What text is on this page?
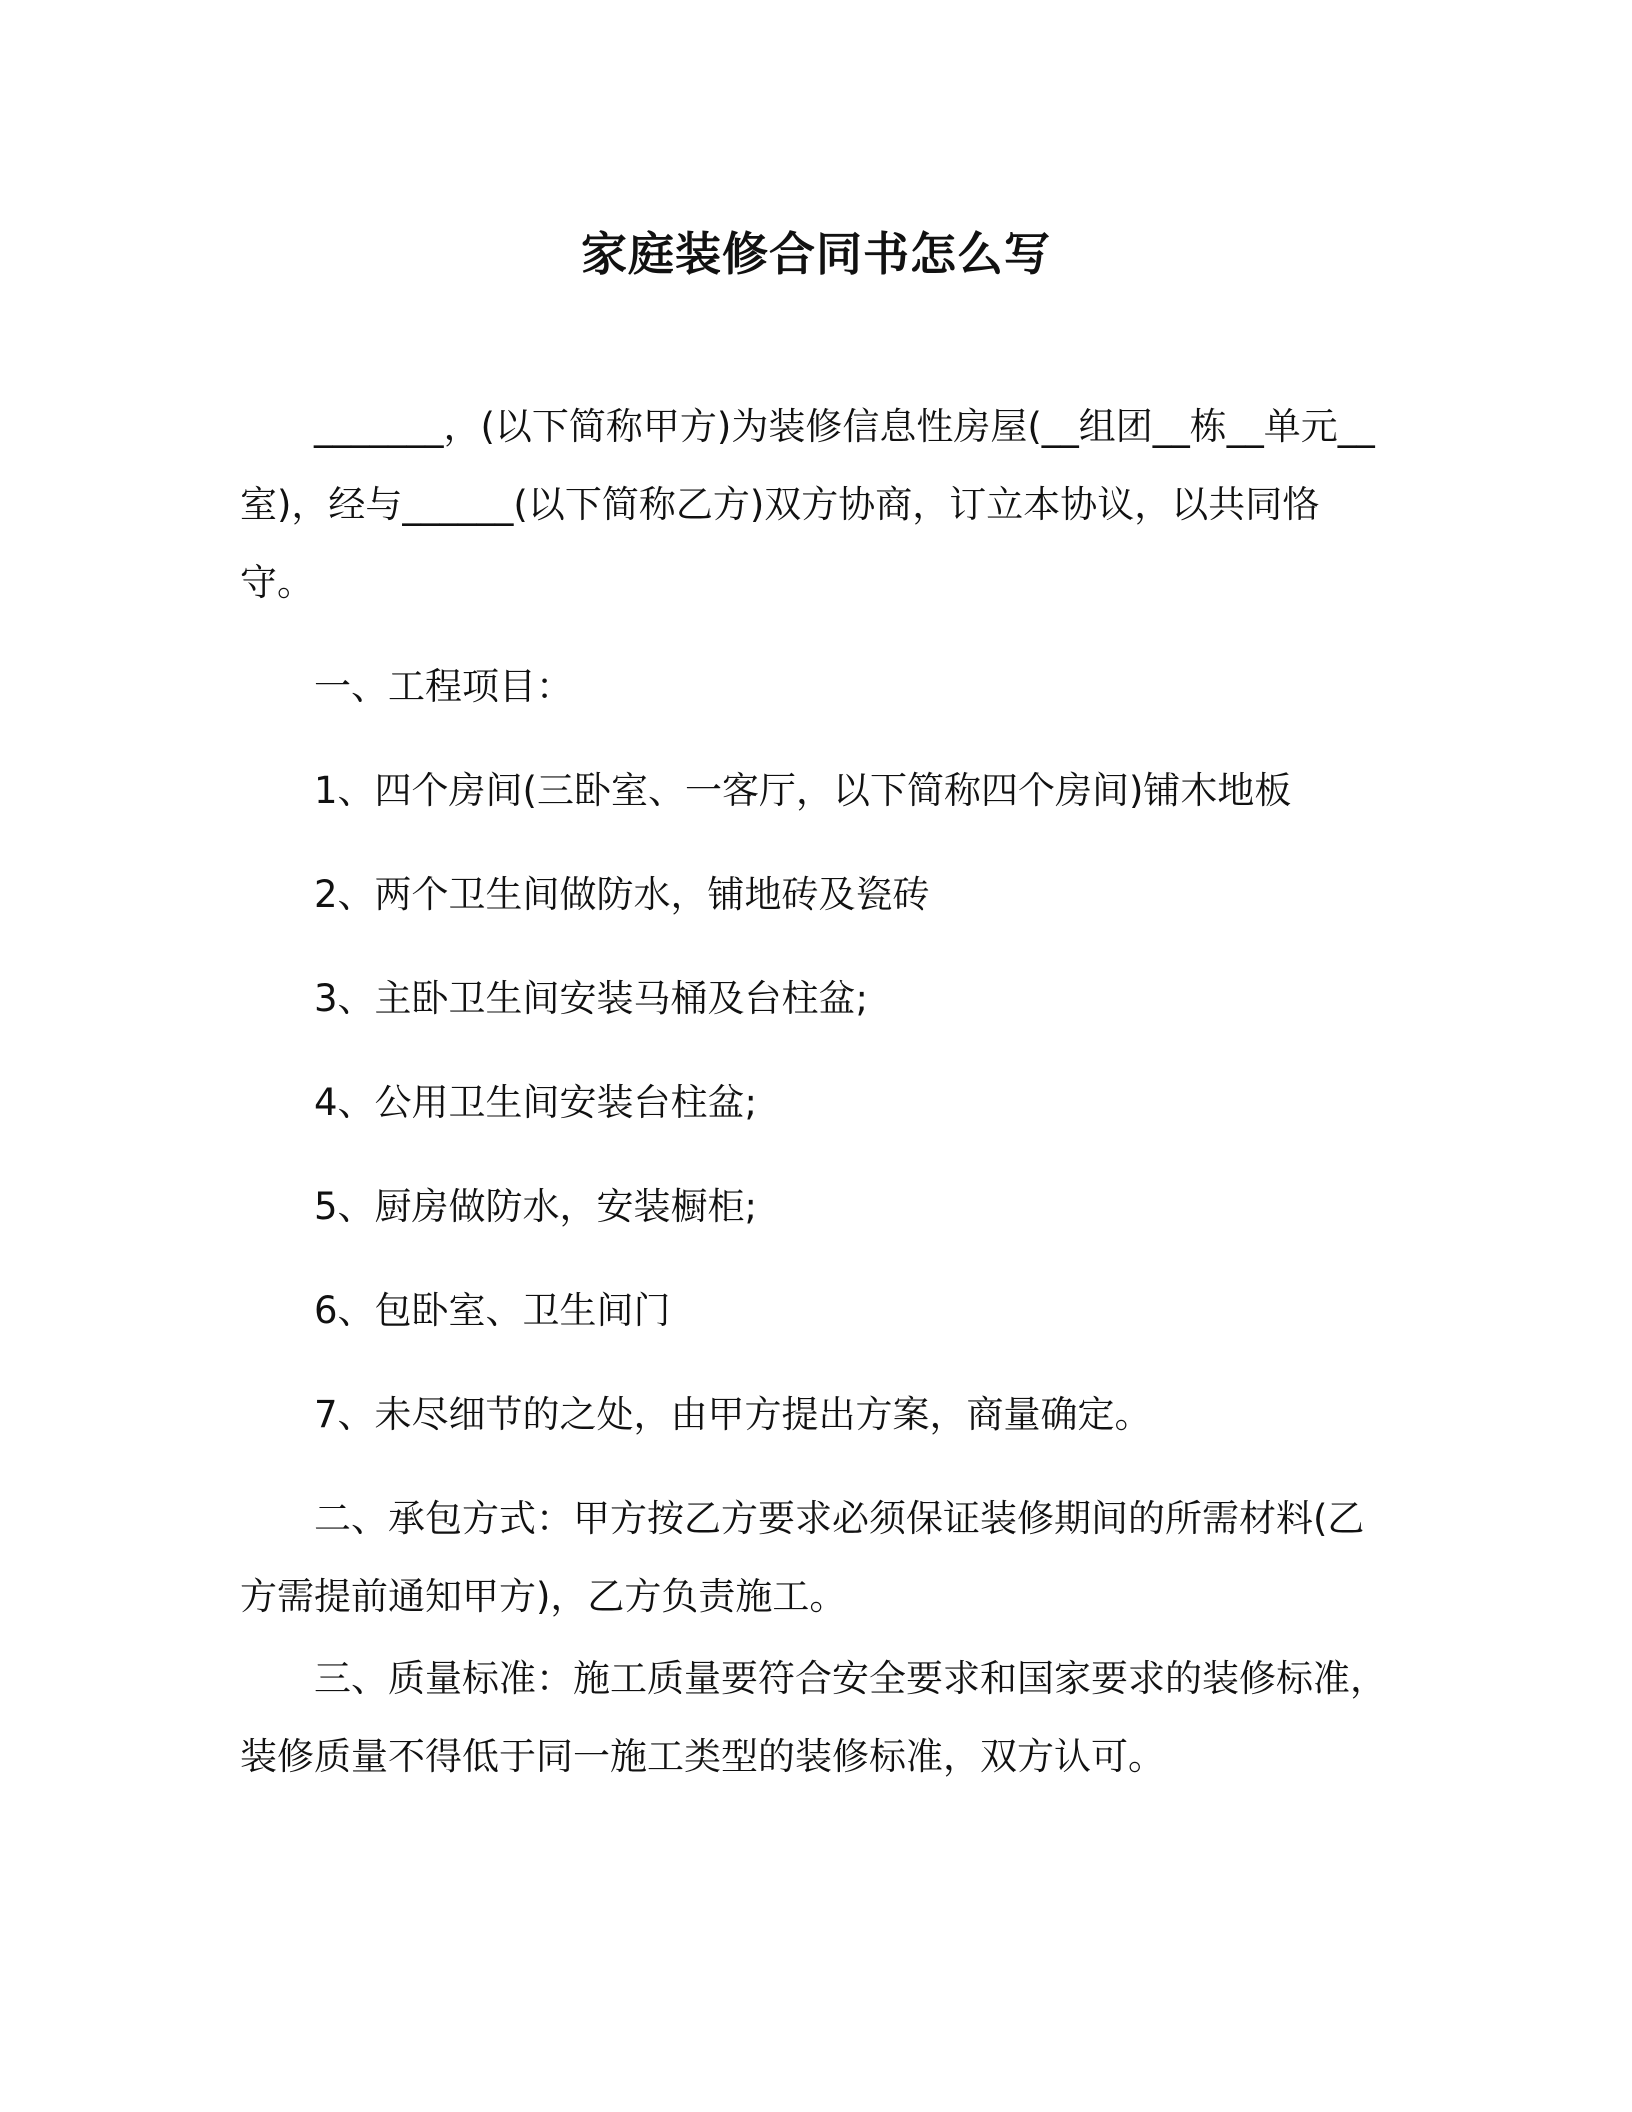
家庭装修合同书怎么写

_______，(以下简称甲方)为装修信息性房屋(__组团__栋__单元__室)，经与______(以下简称乙方)双方协商，订立本协议，以共同恪守。

一、工程项目：

1、四个房间(三卧室、一客厅，以下简称四个房间)铺木地板

2、两个卫生间做防水，铺地砖及瓷砖

3、主卧卫生间安装马桶及台柱盆;

4、公用卫生间安装台柱盆;

5、厨房做防水，安装橱柜;

6、包卧室、卫生间门

7、未尽细节的之处，由甲方提出方案，商量确定。

二、承包方式：甲方按乙方要求必须保证装修期间的所需材料(乙方需提前通知甲方)，乙方负责施工。

三、质量标准：施工质量要符合安全要求和国家要求的装修标准，装修质量不得低于同一施工类型的装修标准，双方认可。
